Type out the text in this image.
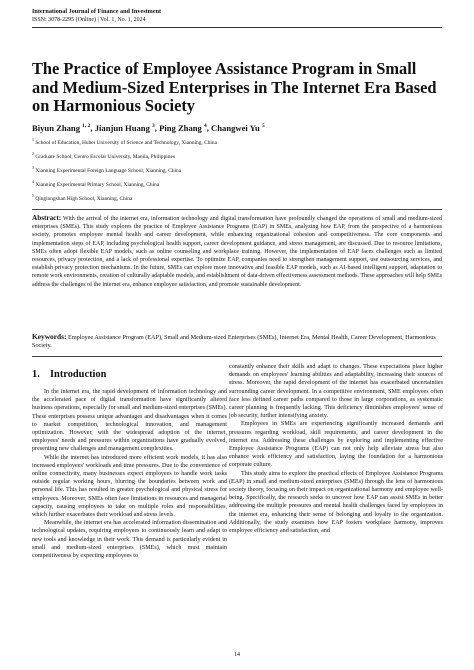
International Journal of Finance and Investment
ISSN: 3078-2295 (Online) | Vol. 1, No. 1, 2024
The Practice of Employee Assistance Program in Small and Medium-Sized Enterprises in The Internet Era Based on Harmonious Society
Biyun Zhang $^{1, 2}$, Jianjun Huang $^3$, Ping Zhang $^4$, Changwei Yu $^5$
$^1$ School of Education, Hubei University of Science and Technology, Xianning, China
$^2$ Graduate School, Centro Escolar University, Manila, Philippines
$^3$ Xianning Experimental Foreign Language School, Xianning, China
$^4$ Xianning Experimental Primary School, Xianning, China
$^5$ Qinglongshan High School, Xianning, China

Abstract: With the arrival of the internet era, information technology and digital transformation have profoundly changed the operations of small and medium-sized enterprises (SMEs). This study explores the practice of Employee Assistance Programs (EAP) in SMEs, analyzing how EAP, from the perspective of a harmonious society, promotes employee mental health and career development, while enhancing organizational cohesion and competitiveness. The core components and implementation steps of EAP, including psychological health support, career development guidance, and stress management, are discussed. Due to resource limitations, SMEs often adopt flexible EAP models, such as online counseling and workplace training. However, the implementation of EAP faces challenges such as limited resources, privacy protection, and a lack of professional expertise. To optimize EAP, companies need to strengthen management support, use outsourcing services, and establish privacy protection mechanisms. In the future, SMEs can explore more innovative and feasible EAP models, such as AI-based intelligent support, adaptation to remote work environments, creation of culturally adaptable models, and establishment of data-driven effectiveness assessment methods. These approaches will help SMEs address the challenges of the internet era, enhance employee satisfaction, and promote sustainable development.

Keywords: Employee Assistance Program (EAP), Small and Medium-sized Enterprises (SMEs), Internet Era, Mental Health, Career Development, Harmonious Society.

1. Introduction

In the internet era, the rapid development of information technology and the accelerated pace of digital transformation have significantly altered business operations, especially for small and medium-sized enterprises (SMEs). These enterprises possess unique advantages and disadvantages when it comes to market competition, technological innovation, and management optimization. However, with the widespread adoption of the internet, employees' needs and pressures within organizations have gradually evolved, presenting new challenges and management complexities.

While the internet has introduced more efficient work models, it has also increased employees' workloads and time pressures. Due to the convenience of online connectivity, many businesses expect employees to handle work tasks outside regular working hours, blurring the boundaries between work and personal life. This has resulted in greater psychological and physical stress for employees. Moreover, SMEs often face limitations in resources and managerial capacity, causing employees to take on multiple roles and responsibilities, which further exacerbates their workload and stress levels.

Meanwhile, the internet era has accelerated information dissemination and technological updates, requiring employees to continuously learn and adapt to new tools and knowledge in their work. This demand is particularly evident in small and medium-sized enterprises (SMEs), which must maintain competitiveness by expecting employees to

constantly enhance their skills and adapt to changes. These expectations place higher demands on employees' learning abilities and adaptability, increasing their sources of stress. Moreover, the rapid development of the internet has exacerbated uncertainties surrounding career development. In a competitive environment, SME employees often face less defined career paths compared to those in large corporations, as systematic career planning is frequently lacking. This deficiency diminishes employees' sense of job security, further intensifying anxiety.

Employees in SMEs are experiencing significantly increased demands and pressures regarding workload, skill requirements, and career development in the internet era. Addressing these challenges by exploring and implementing effective Employee Assistance Programs (EAP) can not only help alleviate stress but also enhance work efficiency and satisfaction, laying the foundation for a harmonious corporate culture.

This study aims to explore the practical effects of Employee Assistance Programs (EAP) in small and medium-sized enterprises (SMEs) through the lens of harmonious society theory, focusing on their impact on organizational harmony and employee well-being. Specifically, the research seeks to uncover how EAP can assist SMEs in better addressing the multiple pressures and mental health challenges faced by employees in the internet era, enhancing their sense of belonging and loyalty to the organization. Additionally, the study examines how EAP fosters workplace harmony, improves employee efficiency and satisfaction, and

14
